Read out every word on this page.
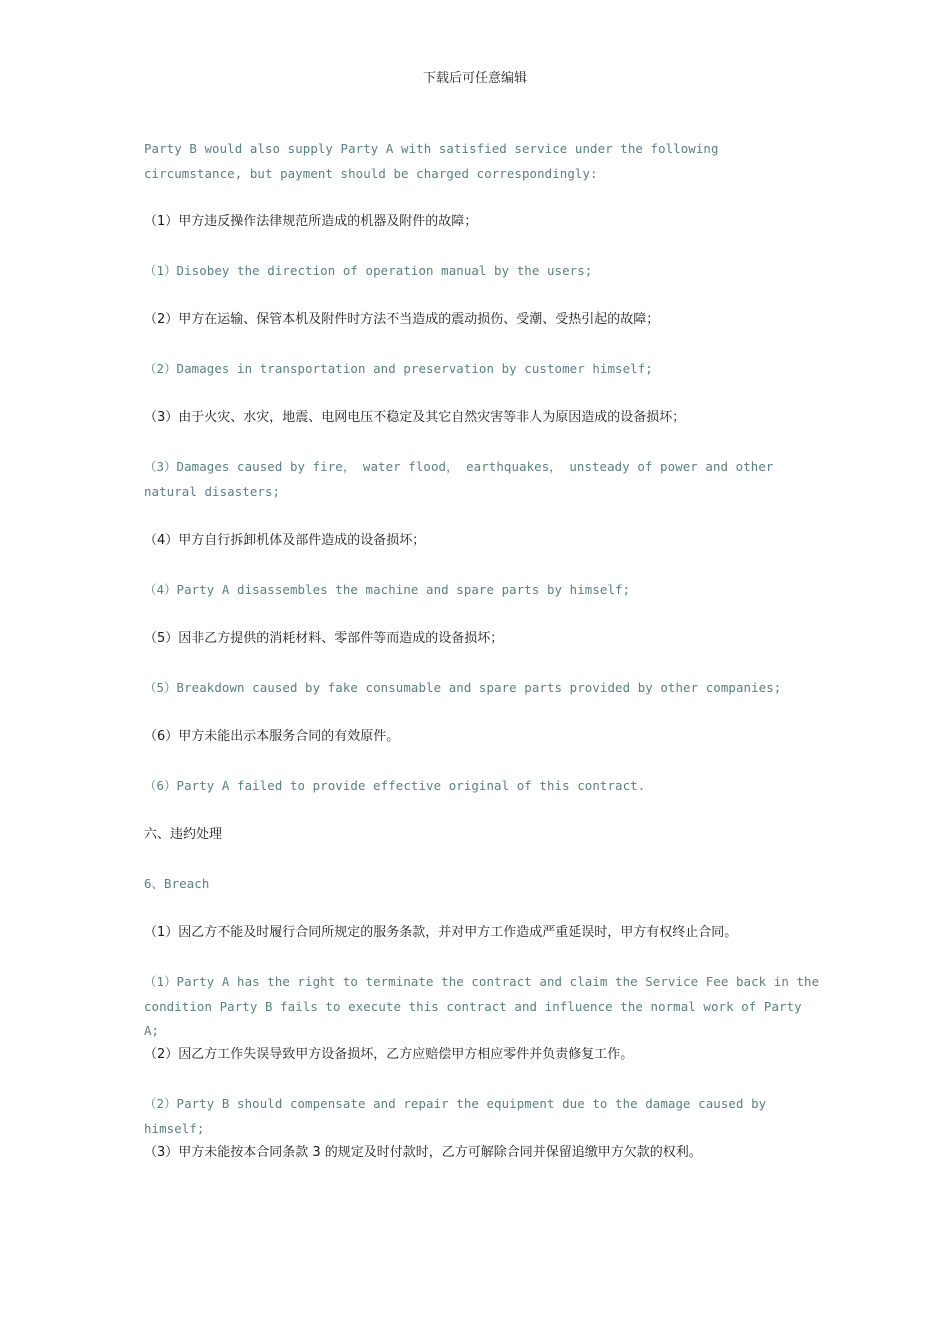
下载后可任意编辑

Party B would also supply Party A with satisfied service under the following circumstance, but payment should be charged correspondingly:

（1）甲方违反操作法律规范所造成的机器及附件的故障；

（1）Disobey the direction of operation manual by the users;

（2）甲方在运输、保管本机及附件时方法不当造成的震动损伤、受潮、受热引起的故障；

（2）Damages in transportation and preservation by customer himself;

（3）由于火灾、水灾，地震、电网电压不稳定及其它自然灾害等非人为原因造成的设备损坏；

（3）Damages caused by fire， water flood， earthquakes， unsteady of power and other natural disasters;

（4）甲方自行拆卸机体及部件造成的设备损坏；

（4）Party A disassembles the machine and spare parts by himself;

（5）因非乙方提供的消耗材料、零部件等而造成的设备损坏；

（5）Breakdown caused by fake consumable and spare parts provided by other companies;

（6）甲方未能出示本服务合同的有效原件。

（6）Party A failed to provide effective original of this contract.

六、违约处理

6、Breach

（1）因乙方不能及时履行合同所规定的服务条款，并对甲方工作造成严重延误时，甲方有权终止合同。

（1）Party A has the right to terminate the contract and claim the Service Fee back in the condition Party B fails to execute this contract and influence the normal work of Party A;

（2）因乙方工作失误导致甲方设备损坏，乙方应赔偿甲方相应零件并负责修复工作。

（2）Party B should compensate and repair the equipment due to the damage caused by himself;

（3）甲方未能按本合同条款 3 的规定及时付款时，乙方可解除合同并保留追缴甲方欠款的权利。
